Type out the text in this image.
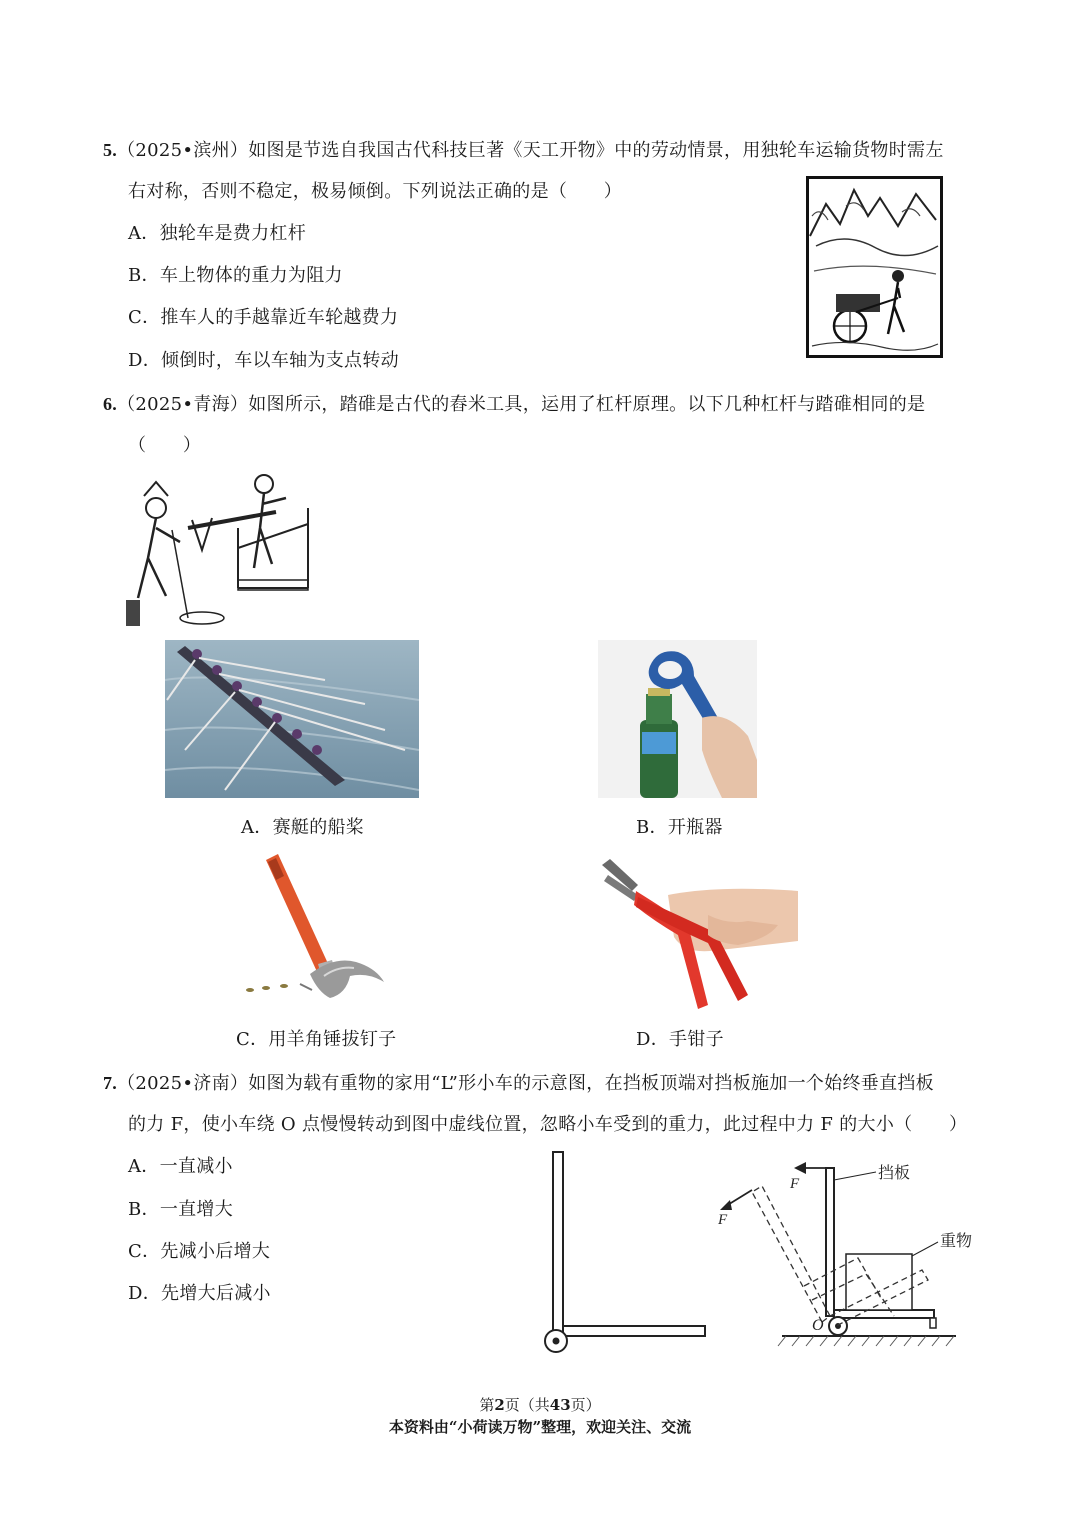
5.（2025•滨州）如图是节选自我国古代科技巨著《天工开物》中的劳动情景，用独轮车运输货物时需左
右对称，否则不稳定，极易倾倒。下列说法正确的是（　　）
A．独轮车是费力杠杆
B．车上物体的重力为阻力
C．推车人的手越靠近车轮越费力
D．倾倒时，车以车轴为支点转动
6.（2025•青海）如图所示，踏碓是古代的舂米工具，运用了杠杆原理。以下几种杠杆与踏碓相同的是
（　　）
A．赛艇的船桨	B．开瓶器
C．用羊角锤拔钉子	D．手钳子
7.（2025•济南）如图为载有重物的家用“L”形小车的示意图，在挡板顶端对挡板施加一个始终垂直挡板
的力 F，使小车绕 O 点慢慢转动到图中虚线位置，忽略小车受到的重力，此过程中力 F 的大小（　　）
A．一直减小
B．一直增大
C．先减小后增大
D．先增大后减小
F
F
挡板
重物
O
第2页（共43页）
本资料由“小荷读万物”整理，欢迎关注、交流
